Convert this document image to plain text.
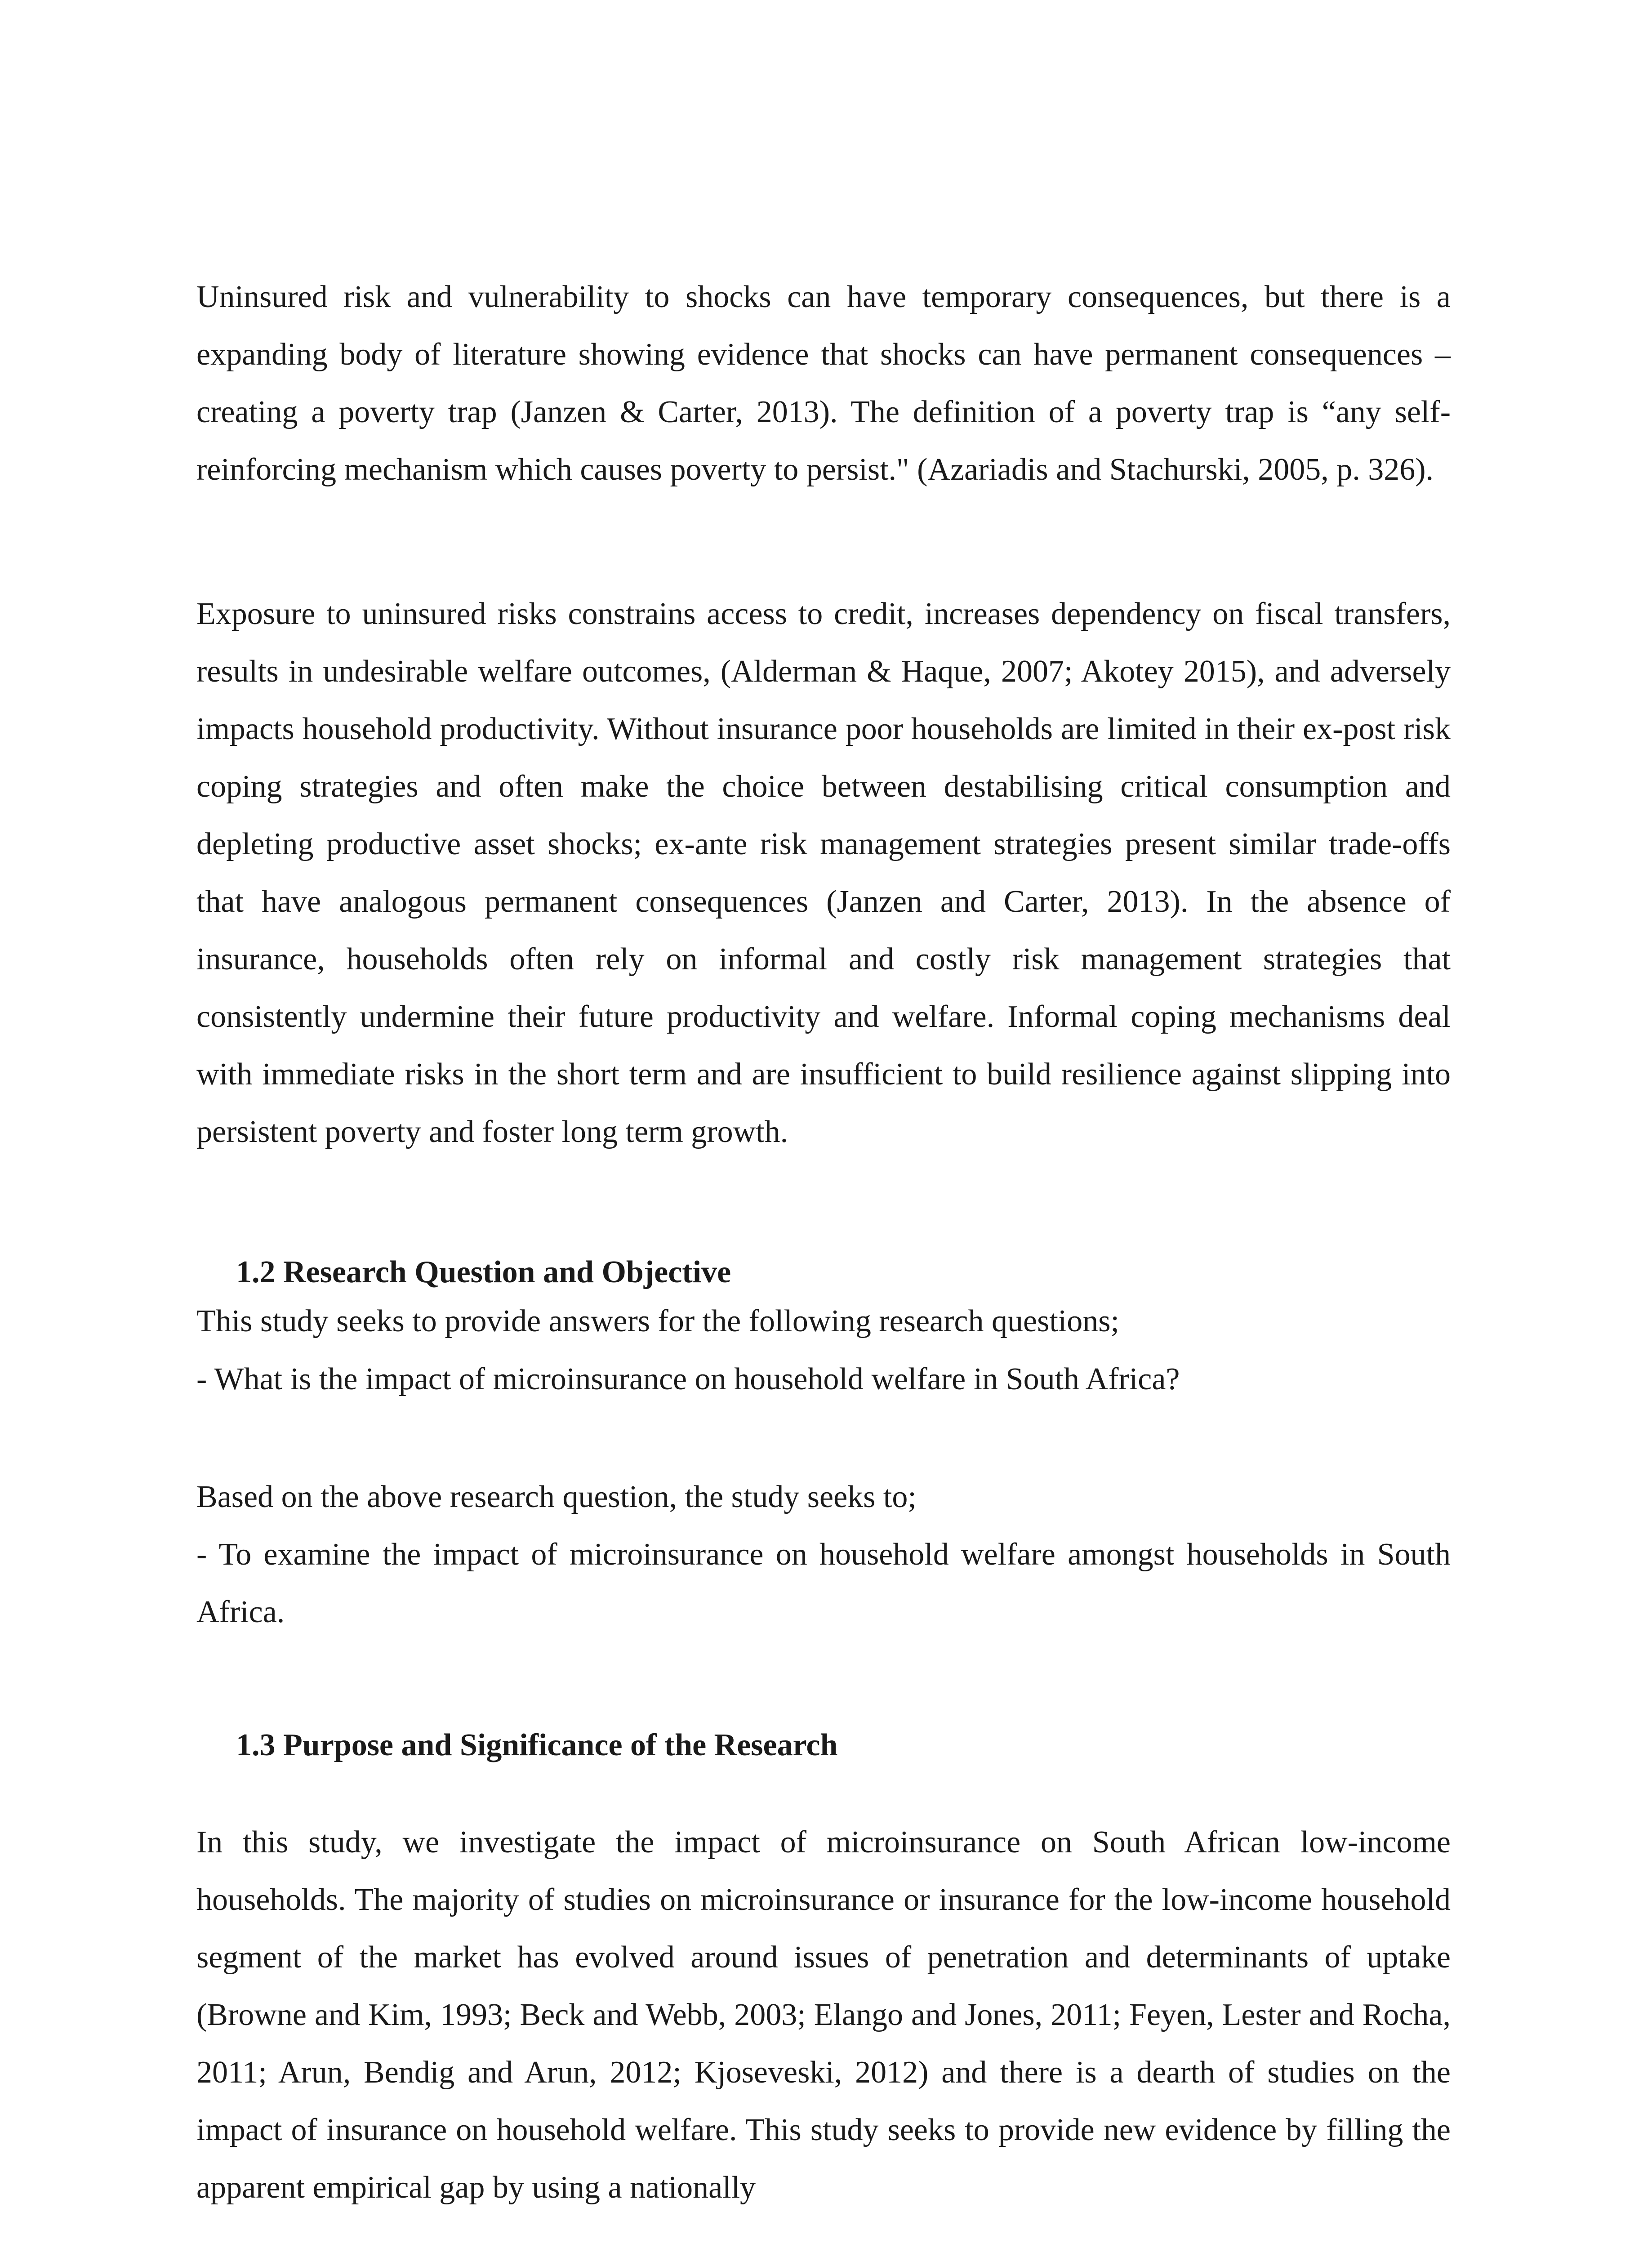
Uninsured risk and vulnerability to shocks can have temporary consequences, but there is a expanding body of literature showing evidence that shocks can have permanent consequences – creating a poverty trap (Janzen & Carter, 2013). The definition of a poverty trap is “any self-reinforcing mechanism which causes poverty to persist." (Azariadis and Stachurski, 2005, p. 326).

Exposure to uninsured risks constrains access to credit, increases dependency on fiscal transfers, results in undesirable welfare outcomes, (Alderman & Haque, 2007; Akotey 2015), and adversely impacts household productivity. Without insurance poor households are limited in their ex-post risk coping strategies and often make the choice between destabilising critical consumption and depleting productive asset shocks; ex-ante risk management strategies present similar trade-offs that have analogous permanent consequences (Janzen and Carter, 2013). In the absence of insurance, households often rely on informal and costly risk management strategies that consistently undermine their future productivity and welfare. Informal coping mechanisms deal with immediate risks in the short term and are insufficient to build resilience against slipping into persistent poverty and foster long term growth.

1.2 Research Question and Objective

This study seeks to provide answers for the following research questions;

- What is the impact of microinsurance on household welfare in South Africa?

Based on the above research question, the study seeks to;

- To examine the impact of microinsurance on household welfare amongst households in South Africa.

1.3 Purpose and Significance of the Research

In this study, we investigate the impact of microinsurance on South African low-income households. The majority of studies on microinsurance or insurance for the low-income household segment of the market has evolved around issues of penetration and determinants of uptake (Browne and Kim, 1993; Beck and Webb, 2003; Elango and Jones, 2011; Feyen, Lester and Rocha, 2011; Arun, Bendig and Arun, 2012; Kjoseveski, 2012) and there is a dearth of studies on the impact of insurance on household welfare. This study seeks to provide new evidence by filling the apparent empirical gap by using a nationally
